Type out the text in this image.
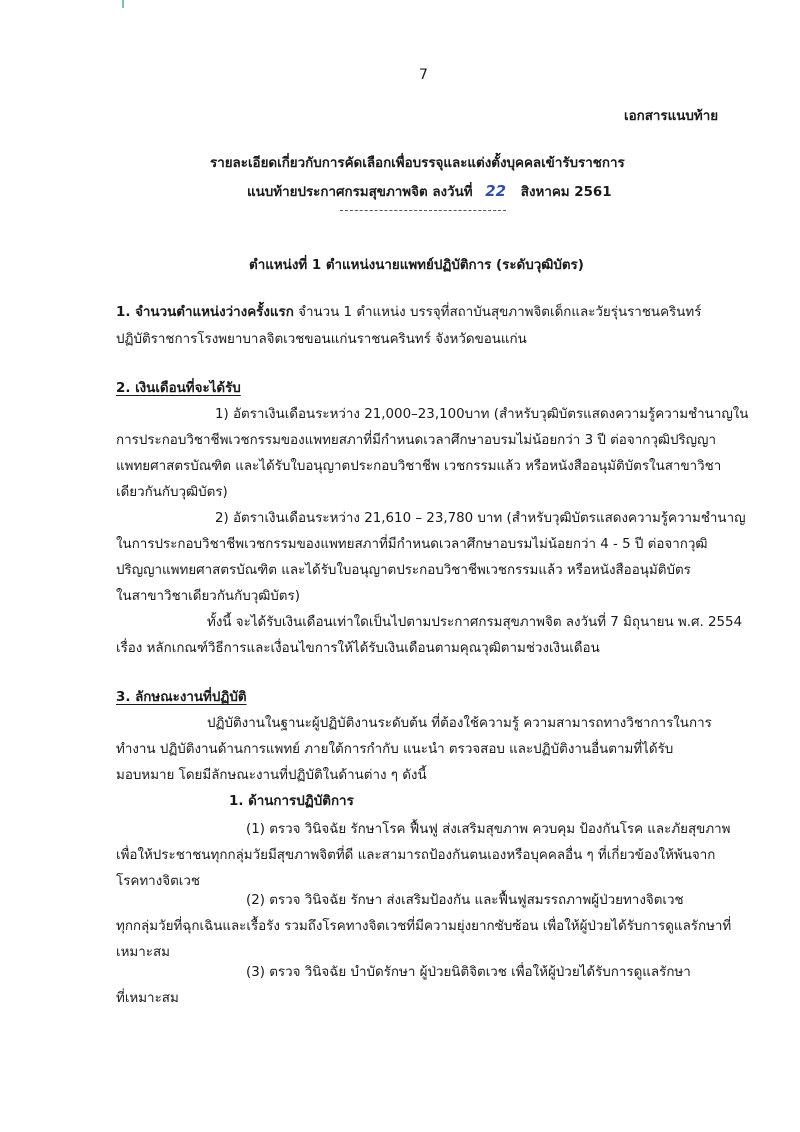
7
เอกสารแนบท้าย
รายละเอียดเกี่ยวกับการคัดเลือกเพื่อบรรจุและแต่งตั้งบุคคลเข้ารับราชการ
แนบท้ายประกาศกรมสุขภาพจิต ลงวันที่ 22 สิงหาคม 2561
ตำแหน่งที่ 1 ตำแหน่งนายแพทย์ปฏิบัติการ (ระดับวุฒิบัตร)
1. จำนวนตำแหน่งว่างครั้งแรก จำนวน 1 ตำแหน่ง บรรจุที่สถาบันสุขภาพจิตเด็กและวัยรุ่นราชนครินทร์
ปฏิบัติราชการโรงพยาบาลจิตเวชขอนแก่นราชนครินทร์ จังหวัดขอนแก่น
2. เงินเดือนที่จะได้รับ
1) อัตราเงินเดือนระหว่าง 21,000–23,100บาท (สำหรับวุฒิบัตรแสดงความรู้ความชำนาญใน
การประกอบวิชาชีพเวชกรรมของแพทยสภาที่มีกำหนดเวลาศึกษาอบรมไม่น้อยกว่า 3 ปี ต่อจากวุฒิปริญญา
แพทยศาสตรบัณฑิต และได้รับใบอนุญาตประกอบวิชาชีพ เวชกรรมแล้ว หรือหนังสืออนุมัติบัตรในสาขาวิชา
เดียวกันกับวุฒิบัตร)
2) อัตราเงินเดือนระหว่าง 21,610 – 23,780 บาท (สำหรับวุฒิบัตรแสดงความรู้ความชำนาญ
ในการประกอบวิชาชีพเวชกรรมของแพทยสภาที่มีกำหนดเวลาศึกษาอบรมไม่น้อยกว่า 4 - 5 ปี ต่อจากวุฒิ
ปริญญาแพทยศาสตรบัณฑิต และได้รับใบอนุญาตประกอบวิชาชีพเวชกรรมแล้ว หรือหนังสืออนุมัติบัตร
ในสาขาวิชาเดียวกันกับวุฒิบัตร)
ทั้งนี้ จะได้รับเงินเดือนเท่าใดเป็นไปตามประกาศกรมสุขภาพจิต ลงวันที่ 7 มิถุนายน พ.ศ. 2554
เรื่อง หลักเกณฑ์วิธีการและเงื่อนไขการให้ได้รับเงินเดือนตามคุณวุฒิตามช่วงเงินเดือน
3. ลักษณะงานที่ปฏิบัติ
ปฏิบัติงานในฐานะผู้ปฏิบัติงานระดับต้น ที่ต้องใช้ความรู้ ความสามารถทางวิชาการในการ
ทำงาน ปฏิบัติงานด้านการแพทย์ ภายใต้การกำกับ แนะนำ ตรวจสอบ และปฏิบัติงานอื่นตามที่ได้รับ
มอบหมาย โดยมีลักษณะงานที่ปฏิบัติในด้านต่าง ๆ ดังนี้
1. ด้านการปฏิบัติการ
(1) ตรวจ วินิจฉัย รักษาโรค ฟื้นฟู ส่งเสริมสุขภาพ ควบคุม ป้องกันโรค และภัยสุขภาพ
เพื่อให้ประชาชนทุกกลุ่มวัยมีสุขภาพจิตที่ดี และสามารถป้องกันตนเองหรือบุคคลอื่น ๆ ที่เกี่ยวข้องให้พ้นจาก
โรคทางจิตเวช
(2) ตรวจ วินิจฉัย รักษา ส่งเสริมป้องกัน และฟื้นฟูสมรรถภาพผู้ป่วยทางจิตเวช
ทุกกลุ่มวัยที่ฉุกเฉินและเรื้อรัง รวมถึงโรคทางจิตเวชที่มีความยุ่งยากซับซ้อน เพื่อให้ผู้ป่วยได้รับการดูแลรักษาที่
เหมาะสม
(3) ตรวจ วินิจฉัย บำบัดรักษา ผู้ป่วยนิติจิตเวช เพื่อให้ผู้ป่วยได้รับการดูแลรักษา
ที่เหมาะสม
